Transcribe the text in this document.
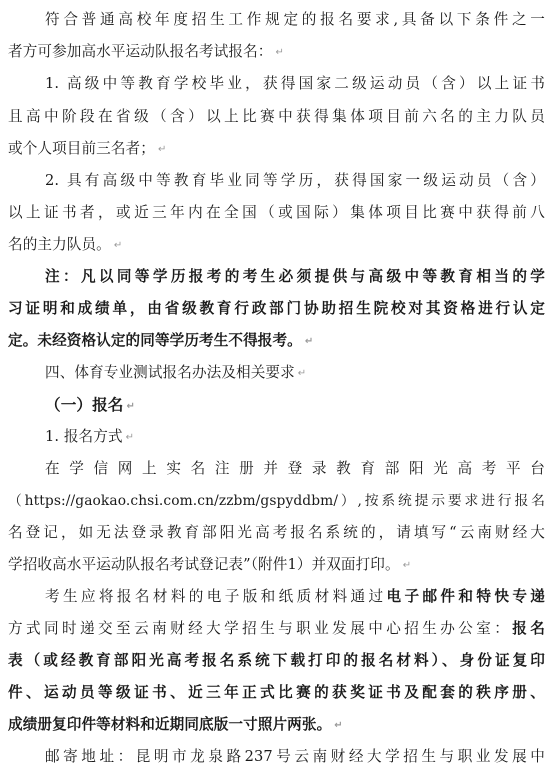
符合普通高校年度招生工作规定的报名要求,具备以下条件之一
者方可参加高水平运动队报名考试报名： ↵
1. 高级中等教育学校毕业，获得国家二级运动员（含）以上证书
且高中阶段在省级（含）以上比赛中获得集体项目前六名的主力队员
或个人项目前三名者； ↵
2. 具有高级中等教育毕业同等学历，获得国家一级运动员（含）
以上证书者，或近三年内在全国（或国际）集体项目比赛中获得前八
名的主力队员。 ↵
注：凡以同等学历报考的考生必须提供与高级中等教育相当的学
习证明和成绩单，由省级教育行政部门协助招生院校对其资格进行认定
定。未经资格认定的同等学历考生不得报考。 ↵
四、体育专业测试报名办法及相关要求 ↵
（一）报名 ↵
1. 报名方式 ↵
在学信网上实名注册并登录教育部阳光高考平台
（https://gaokao.chsi.com.cn/zzbm/gspyddbm/）,按系统提示要求进行报名
名登记，如无法登录教育部阳光高考报名系统的，请填写“云南财经大
学招收高水平运动队报名考试登记表”（附件1）并双面打印。 ↵
考生应将报名材料的电子版和纸质材料通过电子邮件和特快专递
方式同时递交至云南财经大学招生与职业发展中心招生办公室：报名
表（或经教育部阳光高考报名系统下载打印的报名材料）、身份证复印
件、运动员等级证书、近三年正式比赛的获奖证书及配套的秩序册、
成绩册复印件等材料和近期同底版一寸照片两张。 ↵
邮寄地址：昆明市龙泉路237号云南财经大学招生与职业发展中
